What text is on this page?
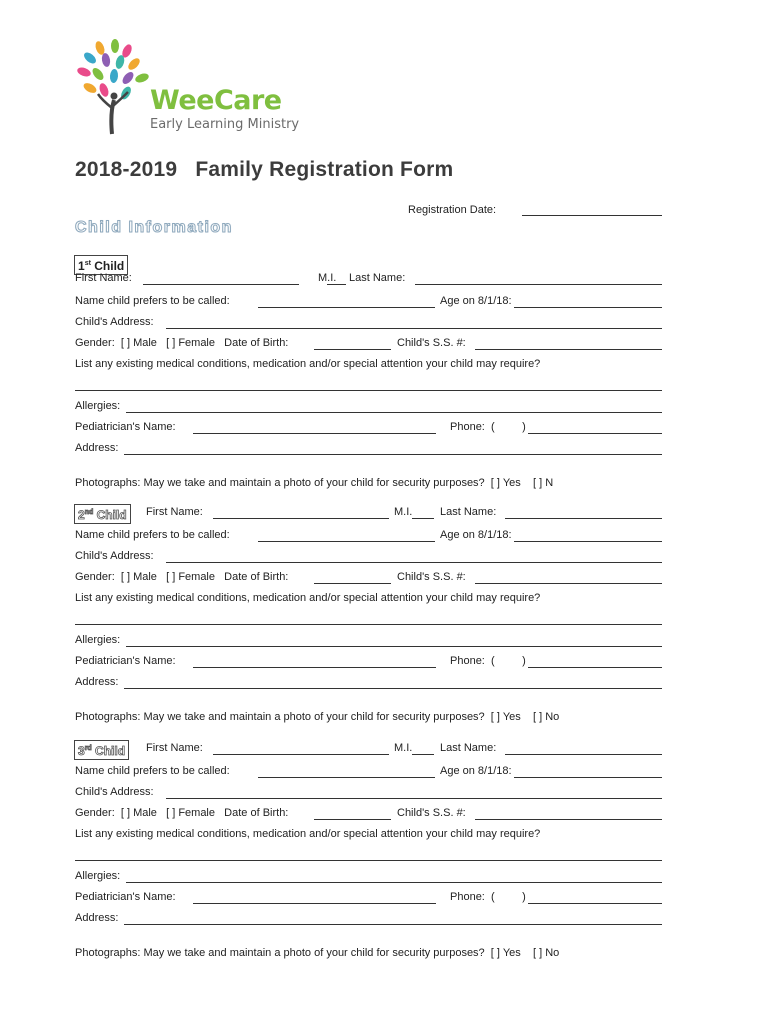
WeeCare
Early Learning Ministry
2018-2019   Family Registration Form
Registration Date:
Child Information
1st Child
First Name:	M.I. Last Name:
Name child prefers to be called:	Age on 8/1/18:
Child's Address:
Gender:  [ ] Male   [ ] Female   Date of Birth:	Child's S.S. #:
List any existing medical conditions, medication and/or special attention your child may require?
Allergies:
Pediatrician's Name:	Phone:  (         )
Address:
Photographs: May we take and maintain a photo of your child for security purposes?  [ ] Yes    [ ] N
2nd Child	First Name:	M.I.	Last Name:
Name child prefers to be called:	Age on 8/1/18:
Child's Address:
Gender:  [ ] Male   [ ] Female   Date of Birth:	Child's S.S. #:
List any existing medical conditions, medication and/or special attention your child may require?
Allergies:
Pediatrician's Name:	Phone:  (         )
Address:
Photographs: May we take and maintain a photo of your child for security purposes?  [ ] Yes    [ ] No
3rd Child	First Name:	M.I.	Last Name:
Name child prefers to be called:	Age on 8/1/18:
Child's Address:
Gender:  [ ] Male   [ ] Female   Date of Birth:	Child's S.S. #:
List any existing medical conditions, medication and/or special attention your child may require?
Allergies:
Pediatrician's Name:	Phone:  (         )
Address:
Photographs: May we take and maintain a photo of your child for security purposes?  [ ] Yes    [ ] No
